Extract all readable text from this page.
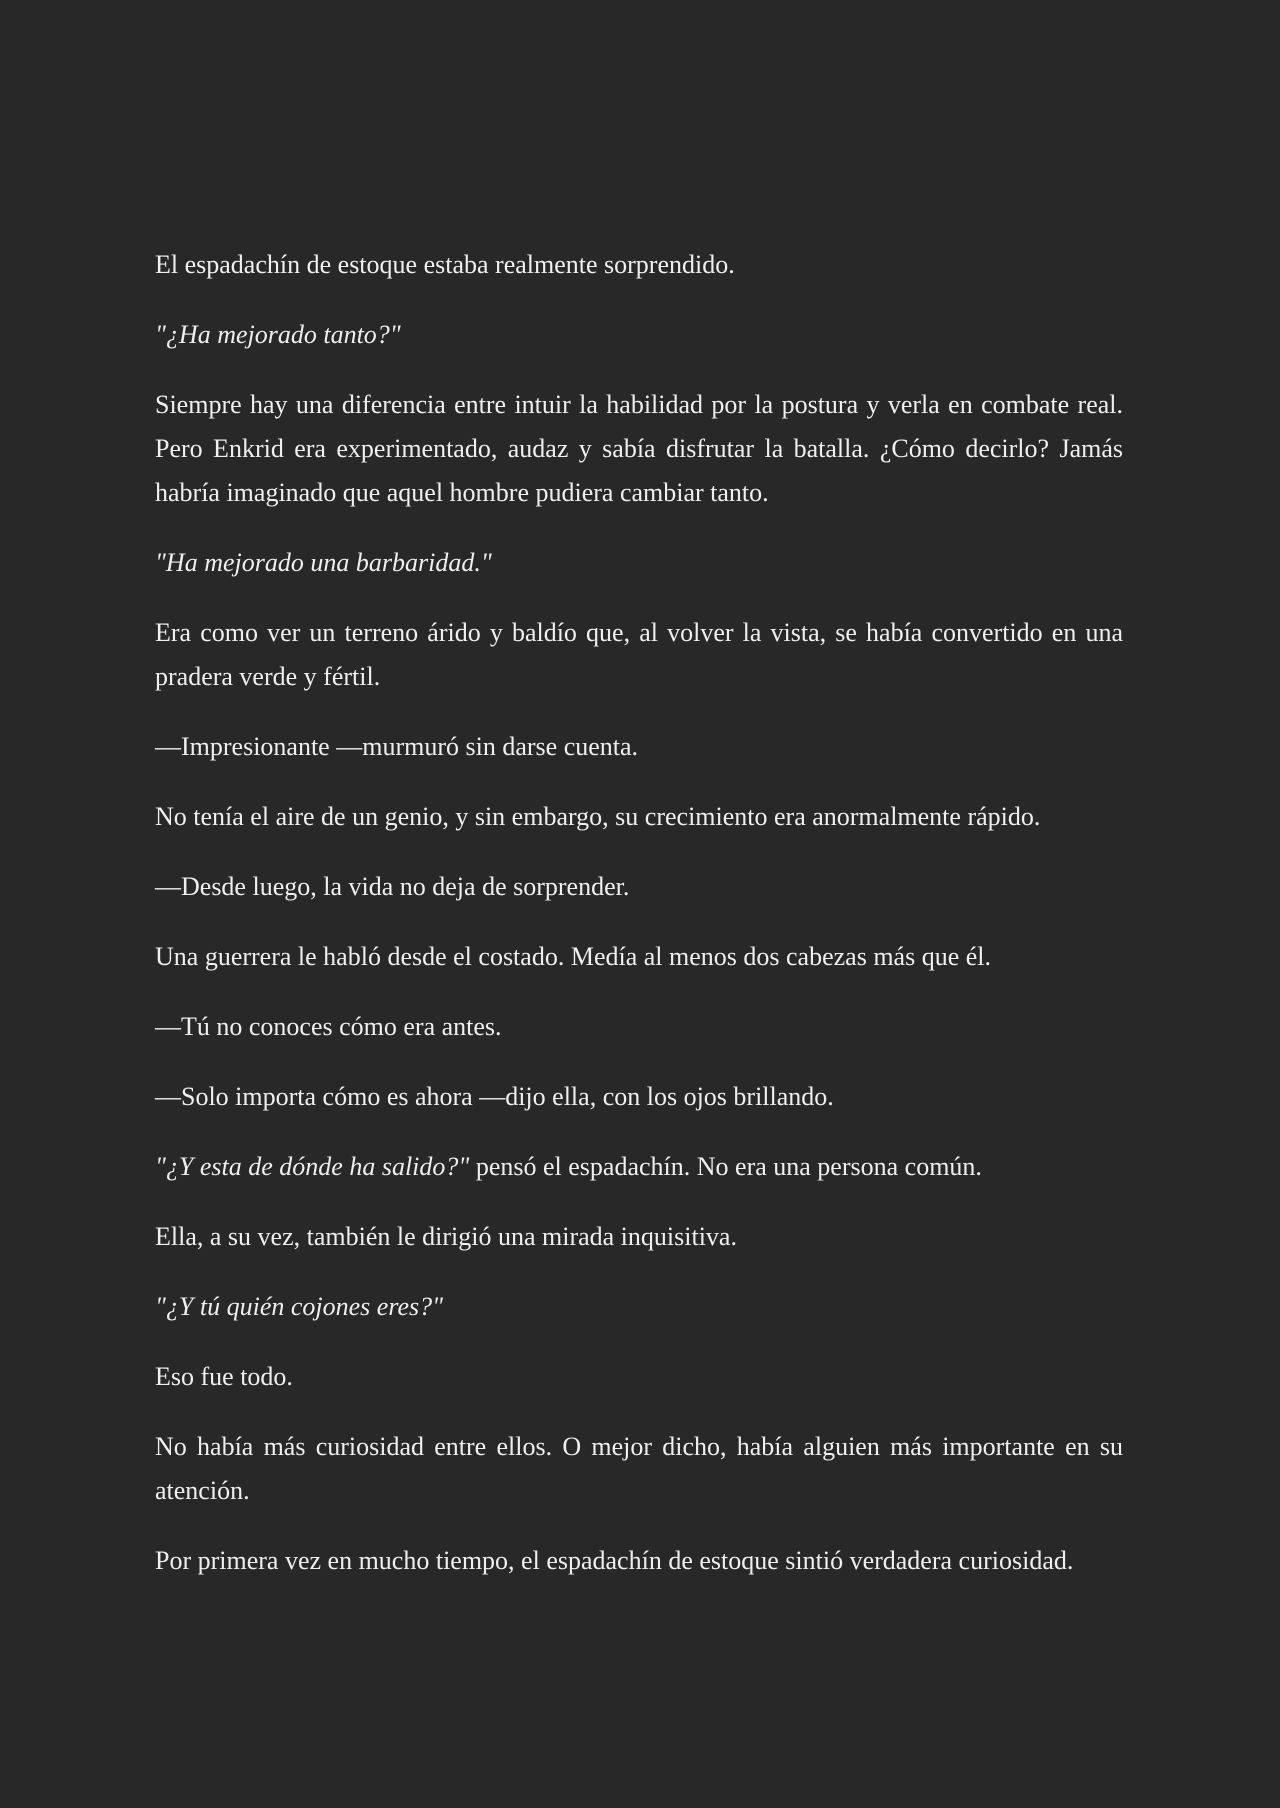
El espadachín de estoque estaba realmente sorprendido.

"¿Ha mejorado tanto?"

Siempre hay una diferencia entre intuir la habilidad por la postura y verla en combate real. Pero Enkrid era experimentado, audaz y sabía disfrutar la batalla. ¿Cómo decirlo? Jamás habría imaginado que aquel hombre pudiera cambiar tanto.

"Ha mejorado una barbaridad."

Era como ver un terreno árido y baldío que, al volver la vista, se había convertido en una pradera verde y fértil.

—Impresionante —murmuró sin darse cuenta.

No tenía el aire de un genio, y sin embargo, su crecimiento era anormalmente rápido.

—Desde luego, la vida no deja de sorprender.

Una guerrera le habló desde el costado. Medía al menos dos cabezas más que él.

—Tú no conoces cómo era antes.

—Solo importa cómo es ahora —dijo ella, con los ojos brillando.

"¿Y esta de dónde ha salido?" pensó el espadachín. No era una persona común.

Ella, a su vez, también le dirigió una mirada inquisitiva.

"¿Y tú quién cojones eres?"

Eso fue todo.

No había más curiosidad entre ellos. O mejor dicho, había alguien más importante en su atención.

Por primera vez en mucho tiempo, el espadachín de estoque sintió verdadera curiosidad.
